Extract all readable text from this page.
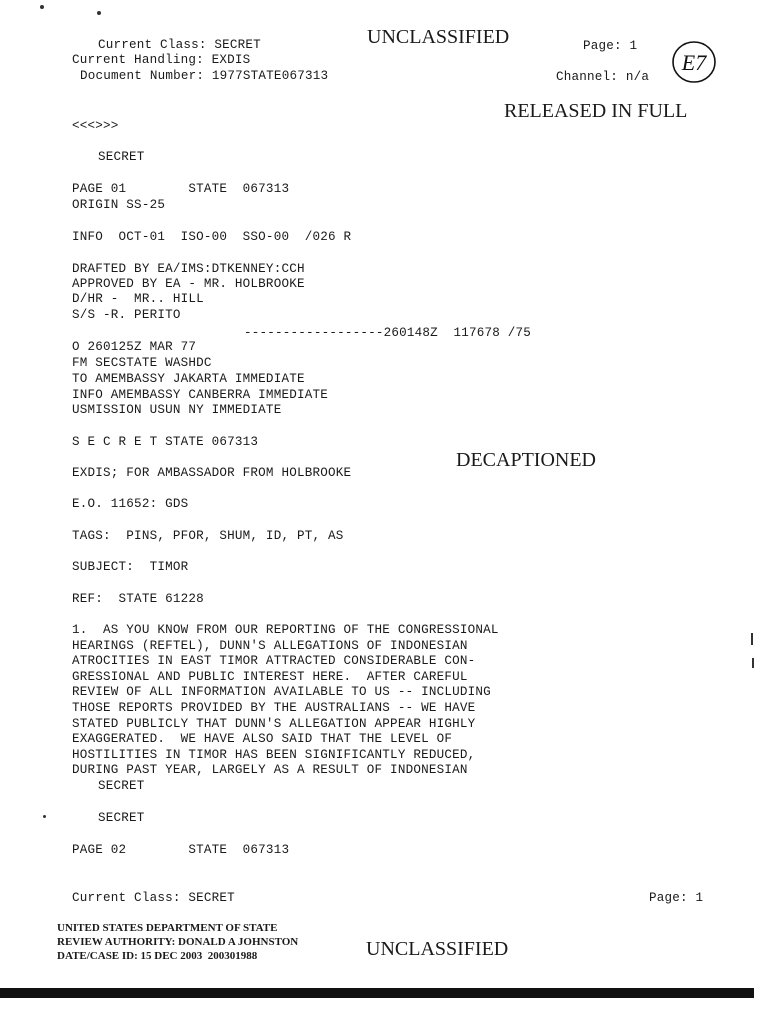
Current Class: SECRET
Current Handling: EXDIS
Document Number: 1977STATE067313
UNCLASSIFIED	Page: 1
Channel: n/a
E7
RELEASED IN FULL
<<<>>>
SECRET
PAGE 01        STATE  067313
ORIGIN SS-25
INFO  OCT-01  ISO-00  SSO-00  /026 R
DRAFTED BY EA/IMS:DTKENNEY:CCH
APPROVED BY EA - MR. HOLBROOKE
D/HR -  MR.. HILL
S/S -R. PERITO
------------------260148Z  117678 /75
O 260125Z MAR 77
FM SECSTATE WASHDC
TO AMEMBASSY JAKARTA IMMEDIATE
INFO AMEMBASSY CANBERRA IMMEDIATE
USMISSION USUN NY IMMEDIATE
S E C R E T STATE 067313
EXDIS; FOR AMBASSADOR FROM HOLBROOKE
DECAPTIONED
E.O. 11652: GDS
TAGS:  PINS, PFOR, SHUM, ID, PT, AS
SUBJECT:  TIMOR
REF:  STATE 61228
1.  AS YOU KNOW FROM OUR REPORTING OF THE CONGRESSIONAL
HEARINGS (REFTEL), DUNN'S ALLEGATIONS OF INDONESIAN
ATROCITIES IN EAST TIMOR ATTRACTED CONSIDERABLE CON-
GRESSIONAL AND PUBLIC INTEREST HERE.  AFTER CAREFUL
REVIEW OF ALL INFORMATION AVAILABLE TO US -- INCLUDING
THOSE REPORTS PROVIDED BY THE AUSTRALIANS -- WE HAVE
STATED PUBLICLY THAT DUNN'S ALLEGATION APPEAR HIGHLY
EXAGGERATED.  WE HAVE ALSO SAID THAT THE LEVEL OF
HOSTILITIES IN TIMOR HAS BEEN SIGNIFICANTLY REDUCED,
DURING PAST YEAR, LARGELY AS A RESULT OF INDONESIAN
SECRET
SECRET
PAGE 02        STATE  067313
Current Class: SECRET	Page: 1
UNITED STATES DEPARTMENT OF STATE
REVIEW AUTHORITY: DONALD A JOHNSTON
DATE/CASE ID: 15 DEC 2003  200301988	UNCLASSIFIED
